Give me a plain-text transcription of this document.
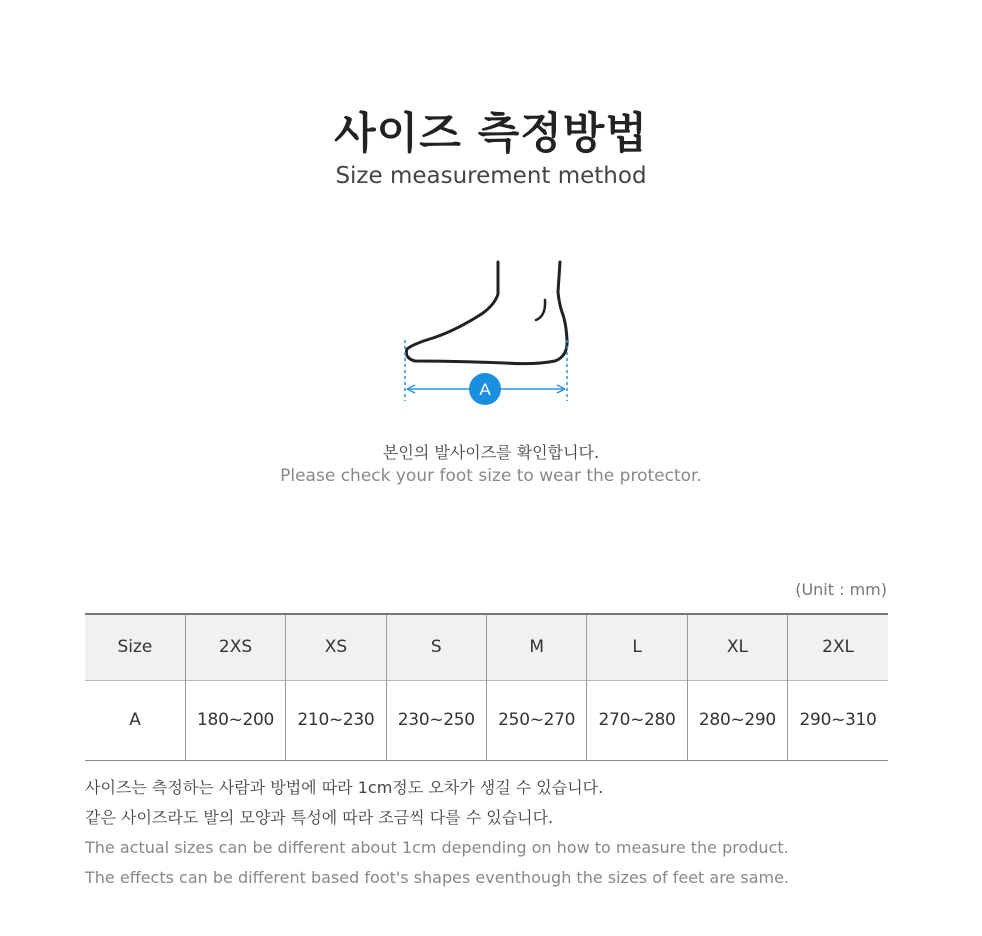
사이즈 측정방법
Size measurement method
A
본인의 발사이즈를 확인합니다.
Please check your foot size to wear the protector.
(Unit : mm)
Size	2XS	XS	S	M	L	XL	2XL
A	180~200	210~230	230~250	250~270	270~280	280~290	290~310
사이즈는 측정하는 사람과 방법에 따라 1cm정도 오차가 생길 수 있습니다.
같은 사이즈라도 발의 모양과 특성에 따라 조금씩 다를 수 있습니다.
The actual sizes can be different about 1cm depending on how to measure the product.
The effects can be different based foot's shapes eventhough the sizes of feet are same.
